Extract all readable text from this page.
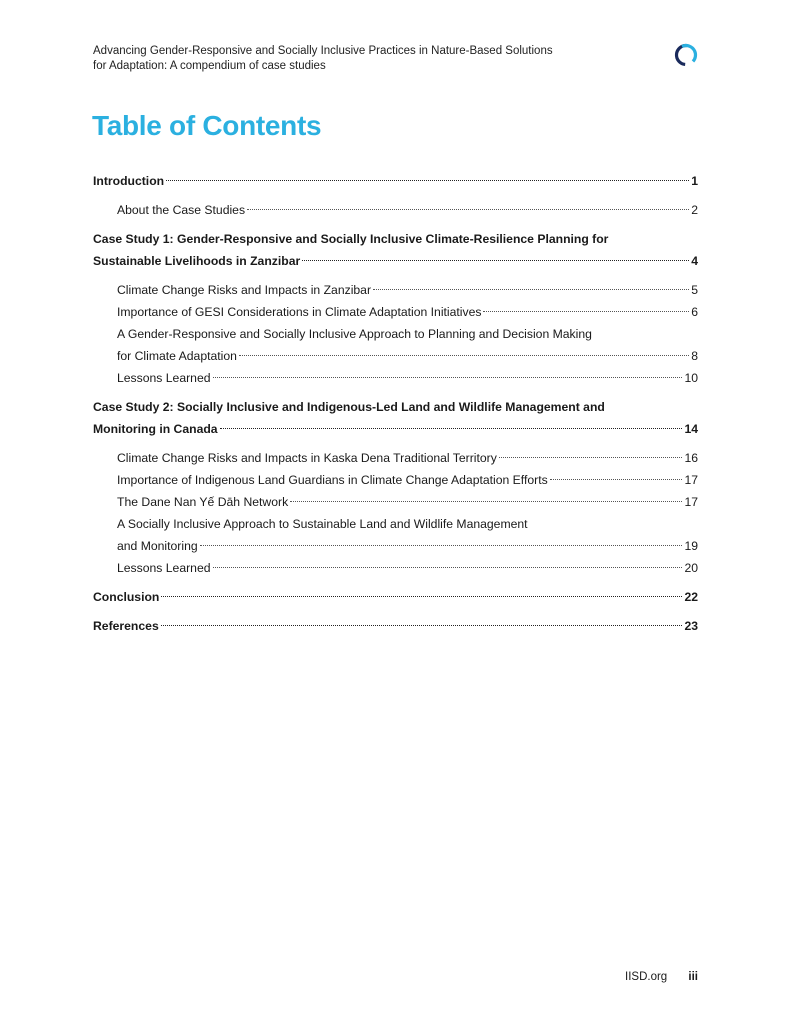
Advancing Gender-Responsive and Socially Inclusive Practices in Nature-Based Solutions
for Adaptation: A compendium of case studies
Table of Contents
Introduction	1
About the Case Studies	2
Case Study 1: Gender-Responsive and Socially Inclusive Climate-Resilience Planning for
Sustainable Livelihoods in Zanzibar	4
Climate Change Risks and Impacts in Zanzibar	5
Importance of GESI Considerations in Climate Adaptation Initiatives	6
A Gender-Responsive and Socially Inclusive Approach to Planning and Decision Making
for Climate Adaptation	8
Lessons Learned	10
Case Study 2: Socially Inclusive and Indigenous-Led Land and Wildlife Management and
Monitoring in Canada	14
Climate Change Risks and Impacts in Kaska Dena Traditional Territory	16
Importance of Indigenous Land Guardians in Climate Change Adaptation Efforts	17
The Dane Nan Yế Dāh Network	17
A Socially Inclusive Approach to Sustainable Land and Wildlife Management
and Monitoring	19
Lessons Learned	20
Conclusion	22
References	23
IISD.org iii
